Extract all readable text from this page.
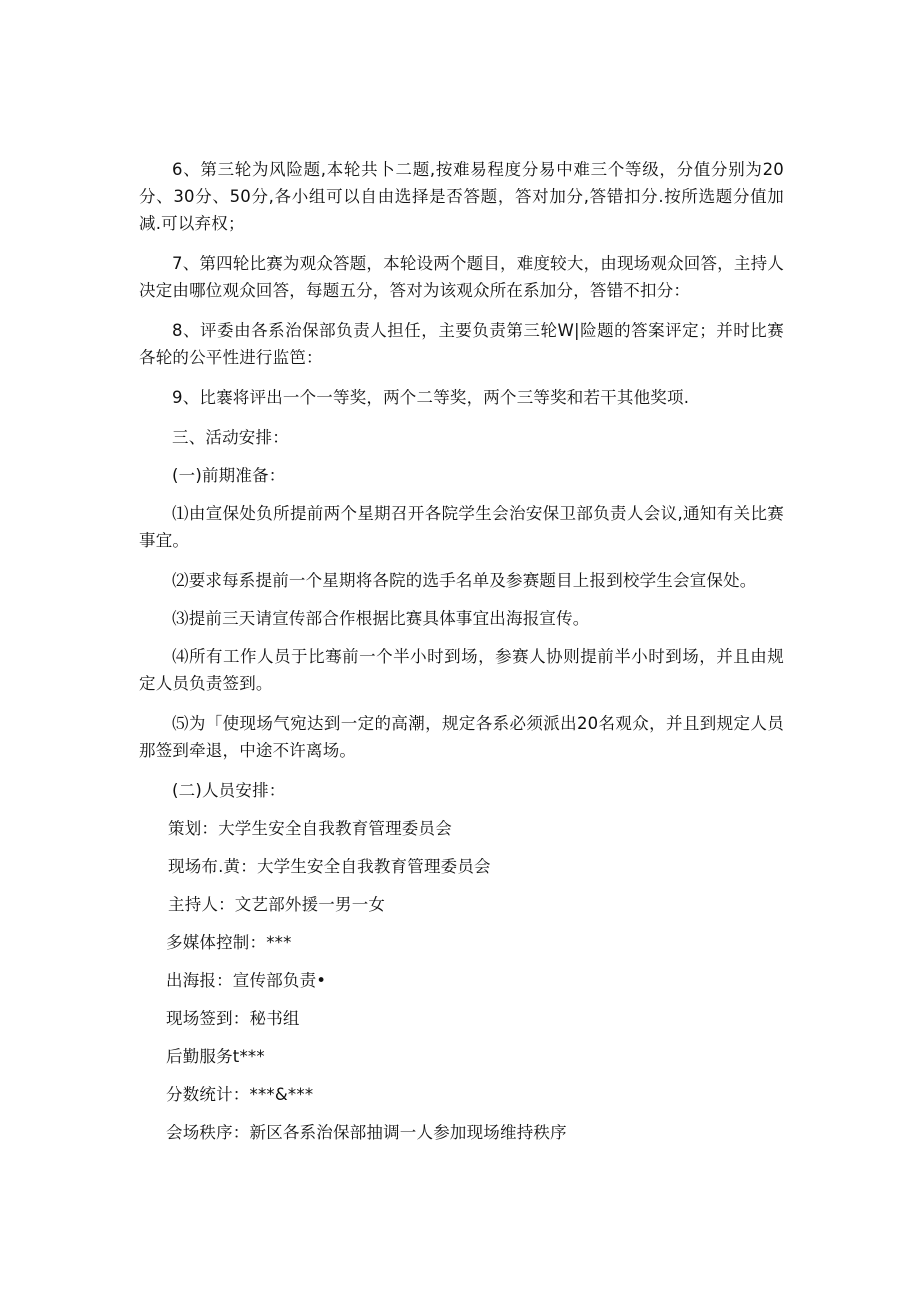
6、第三轮为风险题,本轮共卜二题,按难易程度分易中难三个等级，分值分别为20分、30分、50分,各小组可以自由选择是否答题，答对加分,答错扣分.按所选题分值加减.可以弃权；

7、第四轮比赛为观众答题，本轮设两个题目，难度较大，由现场观众回答，主持人决定由哪位观众回答，每题五分，答对为该观众所在系加分，答错不扣分：

8、评委由各系治保部负责人担任，主要负责第三轮W|险题的答案评定；并时比赛各轮的公平性进行监笆：

9、比褰将评出一个一等奖，两个二等奖，两个三等奖和若干其他奖项.

三、活动安排：

(一)前期准备：

⑴由宣保处负所提前两个星期召开各院学生会治安保卫部负责人会议,通知有关比赛事宜。

⑵要求每系提前一个星期将各院的选手名单及参赛题目上报到校学生会宣保处。

⑶提前三天请宣传部合作根据比赛具体事宜出海报宣传。

⑷所有工作人员于比骞前一个半小时到场，参赛人协则提前半小时到场，并且由规定人员负责签到。

⑸为「使现场气宛达到一定的高潮，规定各系必须派出20名观众，并且到规定人员那签到牵退，中途不许离场。

(二)人员安排：

策划：大学生安全自我教育管理委员会
现场布.黄：大学生安全自我教育管理委员会
主持人：文艺部外援一男一女
多媒体控制：***
出海报：宣传部负责•
现场签到：秘书组
后勤服务t***
分数统计：***&***
会场秩序：新区各系治保部抽调一人参加现场维持秩序
